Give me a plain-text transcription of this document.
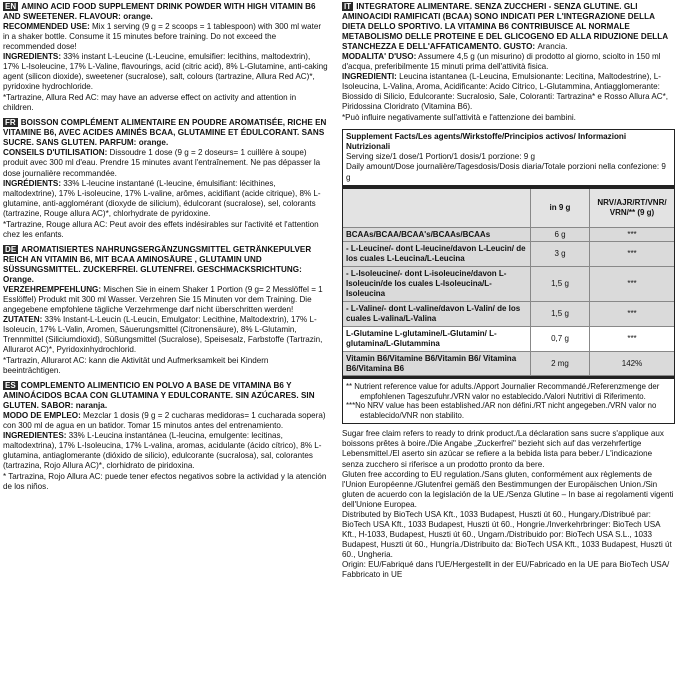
EN AMINO ACID FOOD SUPPLEMENT DRINK POWDER WITH HIGH VITAMIN B6 AND SWEETENER. FLAVOUR: orange.

RECOMMENDED USE: Mix 1 serving (9 g = 2 scoops = 1 tablespoon) with 300 ml water in a shaker bottle. Consume it 15 minutes before training. Do not exceed the recommended dose!

INGREDIENTS: 33% instant L-Leucine (L-Leucine, emulsifier: lecithins, maltodextrin), 17% L-Isoleucine, 17% L-Valine, flavourings, acid (citric acid), 8% L-Glutamine, anti-caking agent (silicon dioxide), sweetener (sucralose), salt, colours (tartrazine, Allura Red AC)*, pyridoxine hydrochloride.

*Tartrazine, Allura Red AC: may have an adverse effect on activity and attention in children.

FR BOISSON COMPLÉMENT ALIMENTAIRE EN POUDRE AROMATISÉE, RICHE EN VITAMINE B6, AVEC ACIDES AMINÉS BCAA, GLUTAMINE ET ÉDULCORANT. SANS SUCRE. SANS GLUTEN. PARFUM: orange.

CONSEILS D'UTILISATION: Dissoudre 1 dose (9 g = 2 doseurs= 1 cuillère à soupe) produit avec 300 ml d'eau. Prendre 15 minutes avant l'entraînement. Ne pas dépasser la dose journalière recommandée.

INGRÉDIENTS: 33% L-leucine instantané (L-leucine, émulsifiant: lécithines, maltodextrine), 17% L-isoleucine, 17% L-valine, arômes, acidifiant (acide citrique), 8% L-glutamine, anti-agglomérant (dioxyde de silicium), édulcorant (sucralose), sel, colorants (tartrazine, Rouge allura AC)*, chlorhydrate de pyridoxine.

*Tartrazine, Rouge allura AC: Peut avoir des effets indésirables sur l'activité et l'attention chez les enfants.

DE AROMATISIERTES NAHRUNGSERGÄNZUNGSMITTEL GETRÄNKEPULVER REICH AN VITAMIN B6, MIT BCAA AMINOSÄURE , GLUTAMIN UND SÜSSUNGSMITTEL. ZUCKERFREI. GLUTENFREI. GESCHMACKSRICHTUNG: Orange.

VERZEHREMPFEHLUNG: Mischen Sie in einem Shaker 1 Portion (9 g= 2 Messlöffel = 1 Esslöffel) Produkt mit 300 ml Wasser. Verzehren Sie 15 Minuten vor dem Training. Die angegebene empfohlene tägliche Verzehrmenge darf nicht überschritten werden!

ZUTATEN: 33% Instant-L-Leucin (L-Leucin, Emulgator: Lecithine, Maltodextrin), 17% L-Isoleucin, 17% L-Valin, Aromen, Säuerungsmittel (Citronensäure), 8% L-Glutamin, Trennmittel (Siliciumdioxid), Süßungsmittel (Sucralose), Speisesalz, Farbstoffe (Tartrazin, Allurarot AC)*, Pyridoxinhydrochlorid.

*Tartrazin, Allurarot AC: kann die Aktivität und Aufmerksamkeit bei Kindern beeinträchtigen.

ES COMPLEMENTO ALIMENTICIO EN POLVO A BASE DE VITAMINA B6 Y AMINOÁCIDOS BCAA CON GLUTAMINA Y EDULCORANTE. SIN AZÚCARES. SIN GLUTEN. SABOR: naranja.

MODO DE EMPLEO: Mezclar 1 dosis (9 g = 2 cucharas medidoras= 1 cucharada sopera) con 300 ml de agua en un batidor. Tomar 15 minutos antes del entrenamiento.

INGREDIENTES: 33% L-Leucina instantánea (L-leucina, emulgente: lecitinas, maltodextrina), 17% L-Isoleucina, 17% L-valina, aromas, acidulante (ácido cítrico), 8% L-glutamina, antiaglomerante (dióxido de silicio), edulcorante (sucralosa), sal, colorantes (tartrazina, Rojo Allura AC)*, clorhidrato de piridoxina.

* Tartrazina, Rojo Allura AC: puede tener efectos negativos sobre la actividad y la atención de los niños.

IT INTEGRATORE ALIMENTARE. SENZA ZUCCHERI - SENZA GLUTINE. GLI AMINOACIDI RAMIFICATI (BCAA) SONO INDICATI PER L'INTEGRAZIONE DELLA DIETA DELLO SPORTIVO. LA VITAMINA B6 CONTRIBUISCE AL NORMALE METABOLISMO DELLE PROTEINE E DEL GLICOGENO ED ALLA RIDUZIONE DELLA STANCHEZZA E DELL'AFFATICAMENTO. GUSTO: Arancia.

MODALITA' D'USO: Assumere 4,5 g (un misurino) di prodotto al giorno, sciolto in 150 ml d'acqua, preferibilmente 15 minuti prima dell'attività fisica.

INGREDIENTI: Leucina istantanea (L-Leucina, Emulsionante: Lecitina, Maltodestrine), L-Isoleucina, L-Valina, Aroma, Acidificante: Acido Citrico, L-Glutammina, Antiagglomerante: Biossido di Silicio, Edulcorante: Sucralosio, Sale, Coloranti: Tartrazina* e Rosso Allura AC*, Piridossina Cloridrato (Vitamina B6).

*Può influire negativamente sull'attività e l'attenzione dei bambini.

Supplement Facts/Les agents/Wirkstoffe/Principios activos/ Informazioni Nutrizionali
Serving size/1 dose/1 Portion/1 dosis/1 porzione: 9 g
Daily amount/Dose journalière/Tagesdosis/Dosis diaria/Totale porzioni nella confezione: 9 g
	in 9 g	NRV/AJR/RT/VNR/ VRN/** (9 g)
BCAAs/BCAA/BCAA's/BCAAs/BCAAs	6 g	***
- L-Leucine/- dont L-leucine/davon L-Leucin/ de los cuales L-Leucina/L-Leucina	3 g	***
- L-Isoleucine/- dont L-isoleucine/davon L-Isoleucin/de los cuales L-Isoleucina/L-Isoleucina	1,5 g	***
- L-Valine/- dont L-valine/davon L-Valin/ de los cuales L-valina/L-Valina	1,5 g	***
L-Glutamine L-glutamine/L-Glutamin/ L-glutamina/L-Glutammina	0,7 g	***
Vitamin B6/Vitamine B6/Vitamin B6/ Vitamina B6/Vitamina B6	2 mg	142%

** Nutrient reference value for adults./Apport Journalier Recommandé./Referenzmenge der empfohlenen Tageszufuhr./VRN valor no establecido./Valori Nutritivi di Riferimento.

***No NRV value has been established./AR non défini./RT nicht angegeben./VRN valor no establecido/VNR non stabilito.

Sugar free claim refers to ready to drink product./La déclaration sans sucre s'applique aux boissons prêtes à boire./Die Angabe „Zuckerfrei" bezieht sich auf das verzehrfertige Lebensmittel./El aserto sin azúcar se refiere a la bebida lista para beber./ L'indicazione senza zucchero si riferisce a un prodotto pronto da bere.

Gluten free according to EU regulation./Sans gluten, conformément aux règlements de l'Union Européenne./Glutenfrei gemäß den Bestimmungen der Europäischen Union./Sin gluten de acuerdo con la legislación de la UE./Senza Glutine – In base ai regolamenti vigenti dell'Unione Europea.

Distributed by BioTech USA Kft., 1033 Budapest, Huszti út 60., Hungary./Distribué par: BioTech USA Kft., 1033 Budapest, Huszti út 60., Hongrie./Inverkehrbringer: BioTech USA Kft., H-1033, Budapest, Huszti út 60., Ungarn./Distribuido por: BioTech USA S.L., 1033 Budapest, Huszti út 60., Hungría./Distribuito da: BioTech USA Kft., 1033 Budapest, Huszti út 60., Ungheria.

Origin: EU/Fabriqué dans l'UE/Hergestellt in der EU/Fabricado en la UE para BioTech USA/ Fabbricato in UE
